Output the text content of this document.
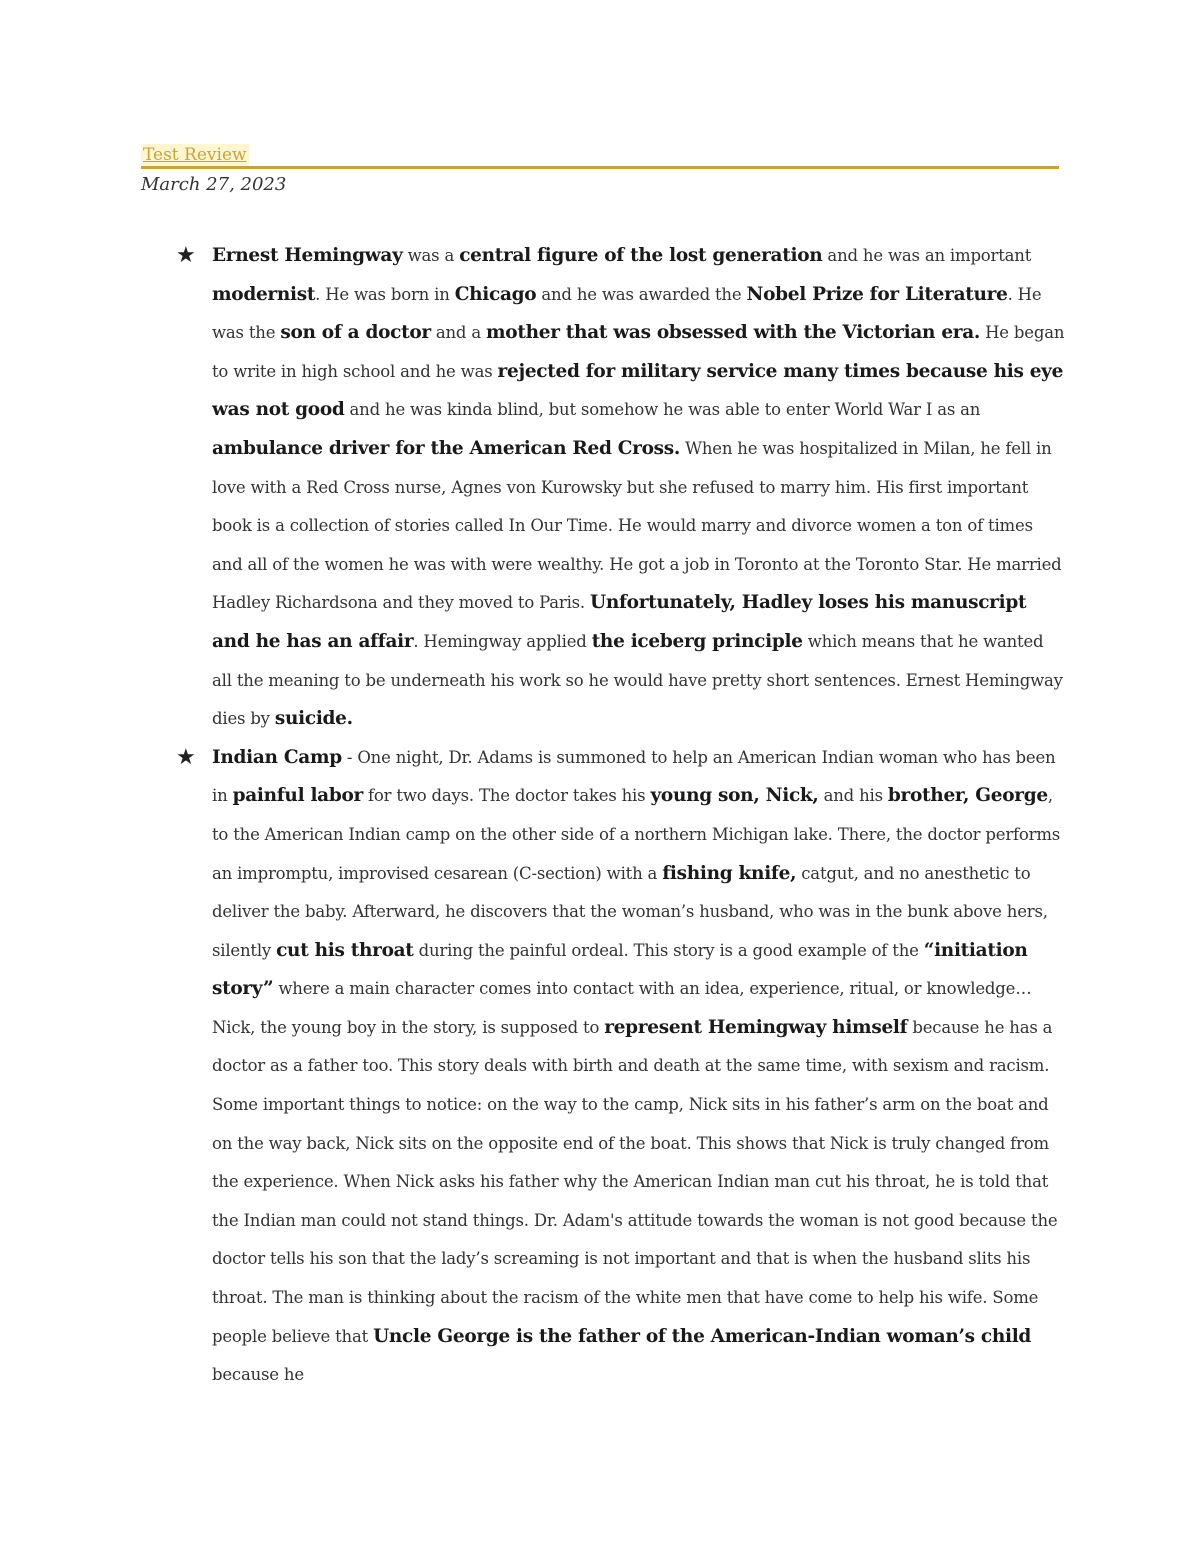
Test Review
March 27, 2023
★ Ernest Hemingway was a central figure of the lost generation and he was an important modernist. He was born in Chicago and he was awarded the Nobel Prize for Literature. He was the son of a doctor and a mother that was obsessed with the Victorian era. He began to write in high school and he was rejected for military service many times because his eye was not good and he was kinda blind, but somehow he was able to enter World War I as an ambulance driver for the American Red Cross. When he was hospitalized in Milan, he fell in love with a Red Cross nurse, Agnes von Kurowsky but she refused to marry him. His first important book is a collection of stories called In Our Time. He would marry and divorce women a ton of times and all of the women he was with were wealthy. He got a job in Toronto at the Toronto Star. He married Hadley Richardsona and they moved to Paris. Unfortunately, Hadley loses his manuscript and he has an affair. Hemingway applied the iceberg principle which means that he wanted all the meaning to be underneath his work so he would have pretty short sentences. Ernest Hemingway dies by suicide.
★ Indian Camp - One night, Dr. Adams is summoned to help an American Indian woman who has been in painful labor for two days. The doctor takes his young son, Nick, and his brother, George, to the American Indian camp on the other side of a northern Michigan lake. There, the doctor performs an impromptu, improvised cesarean (C-section) with a fishing knife, catgut, and no anesthetic to deliver the baby. Afterward, he discovers that the woman’s husband, who was in the bunk above hers, silently cut his throat during the painful ordeal. This story is a good example of the “initiation story” where a main character comes into contact with an idea, experience, ritual, or knowledge… Nick, the young boy in the story, is supposed to represent Hemingway himself because he has a doctor as a father too. This story deals with birth and death at the same time, with sexism and racism. Some important things to notice: on the way to the camp, Nick sits in his father’s arm on the boat and on the way back, Nick sits on the opposite end of the boat. This shows that Nick is truly changed from the experience. When Nick asks his father why the American Indian man cut his throat, he is told that the Indian man could not stand things. Dr. Adam's attitude towards the woman is not good because the doctor tells his son that the lady’s screaming is not important and that is when the husband slits his throat. The man is thinking about the racism of the white men that have come to help his wife. Some people believe that Uncle George is the father of the American-Indian woman’s child because he
